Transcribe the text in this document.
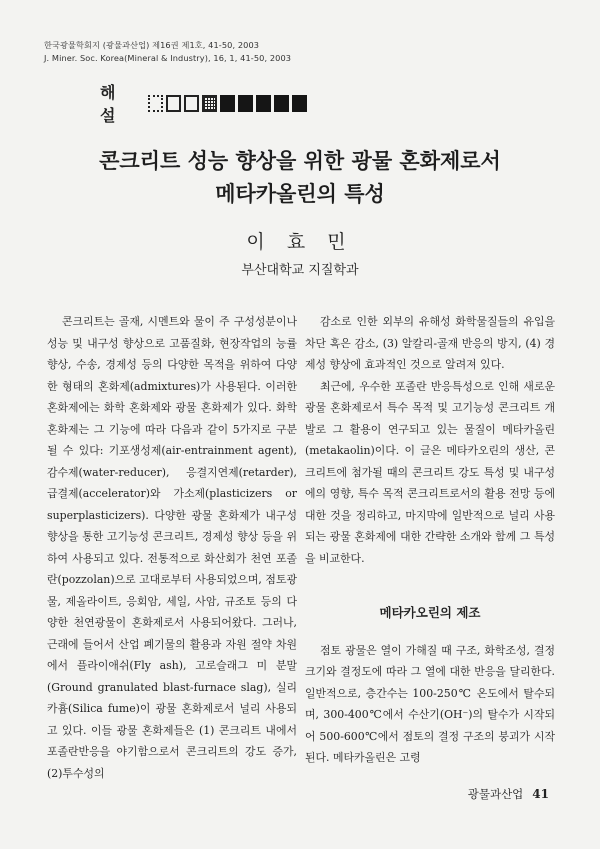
한국광물학회지 (광물과산업) 제16권 제1호, 41-50, 2003
J. Miner. Soc. Korea(Mineral & Industry), 16, 1, 41-50, 2003
해 설
콘크리트 성능 향상을 위한 광물 혼화제로서
메타카올린의 특성
이 효 민
부산대학교 지질학과

콘크리트는 골재, 시멘트와 물이 주 구성성분이나 성능 및 내구성 향상으로 고품질화, 현장작업의 능률 향상, 수송, 경제성 등의 다양한 목적을 위하여 다양한 형태의 혼화제(admixtures)가 사용된다. 이러한 혼화제에는 화학 혼화제와 광물 혼화제가 있다. 화학 혼화제는 그 기능에 따라 다음과 같이 5가지로 구분될 수 있다: 기포생성제(air-entrainment agent), 감수제(water-reducer), 응결지연제(retarder), 급결제(accelerator)와 가소제(plasticizers or superplasticizers). 다양한 광물 혼화제가 내구성 향상을 통한 고기능성 콘크리트, 경제성 향상 등을 위하여 사용되고 있다. 전통적으로 화산회가 천연 포졸란(pozzolan)으로 고대로부터 사용되었으며, 점토광물, 제올라이트, 응회암, 세일, 사암, 규조토 등의 다양한 천연광물이 혼화제로서 사용되어왔다. 그러나, 근래에 들어서 산업 폐기물의 활용과 자원 절약 차원에서 플라이애쉬(Fly ash), 고로슬래그 미 분말(Ground granulated blast-furnace slag), 실리카흄(Silica fume)이 광물 혼화제로서 널리 사용되고 있다. 이들 광물 혼화제들은 (1) 콘크리트 내에서 포졸란반응을 야기함으로서 콘크리트의 강도 증가, (2)투수성의

감소로 인한 외부의 유해성 화학물질들의 유입을 차단 혹은 감소, (3) 알칼리-골재 반응의 방지, (4) 경제성 향상에 효과적인 것으로 알려져 있다.

최근에, 우수한 포졸란 반응특성으로 인해 새로운 광물 혼화제로서 특수 목적 및 고기능성 콘크리트 개발로 그 활용이 연구되고 있는 물질이 메타카올린(metakaolin)이다. 이 글은 메타카오린의 생산, 콘크리트에 첨가될 때의 콘크리트 강도 특성 및 내구성에의 영향, 특수 목적 콘크리트로서의 활용 전망 등에 대한 것을 정리하고, 마지막에 일반적으로 널리 사용되는 광물 혼화제에 대한 간략한 소개와 함께 그 특성을 비교한다.

메타카오린의 제조

점토 광물은 열이 가해질 때 구조, 화학조성, 결정크기와 결정도에 따라 그 열에 대한 반응을 달리한다. 일반적으로, 층간수는 100-250℃ 온도에서 탈수되며, 300-400℃에서 수산기(OH⁻)의 탈수가 시작되어 500-600℃에서 점토의 결정 구조의 붕괴가 시작된다. 메타카올린은 고령

광물과산업 41
